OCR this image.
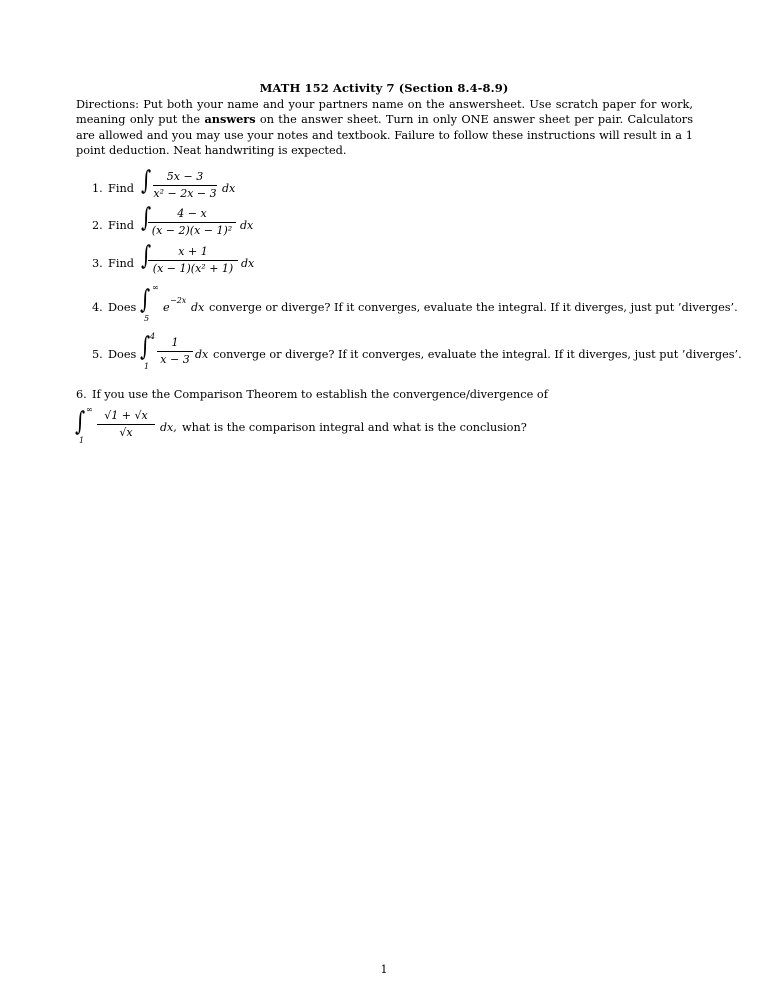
MATH 152 Activity 7 (Section 8.4-8.9)
Directions: Put both your name and your partners name on the answersheet. Use scratch paper for work, meaning only put the answers on the answer sheet. Turn in only ONE answer sheet per pair. Calculators are allowed and you may use your notes and textbook. Failure to follow these instructions will result in a 1 point deduction. Neat handwriting is expected.
1. Find ∫	5x − 3
x² − 2x − 3 dx
2. Find ∫	4 − x
(x − 2)(x − 1)² dx
3. Find ∫	x + 1
(x − 1)(x² + 1) dx
4. Does ∫ ∞
5
e
−2x
dx converge or diverge? If it converges, evaluate the integral. If it diverges, just put ’diverges’.
5. Does ∫ 4
1
1
x − 3 dx converge or diverge? If it converges, evaluate the integral. If it diverges, just put ’diverges’.
6. If you use the Comparison Theorem to establish the convergence/divergence of
∫ ∞
1
√1 + √x
√x	dx, what is the comparison integral and what is the conclusion?
1
